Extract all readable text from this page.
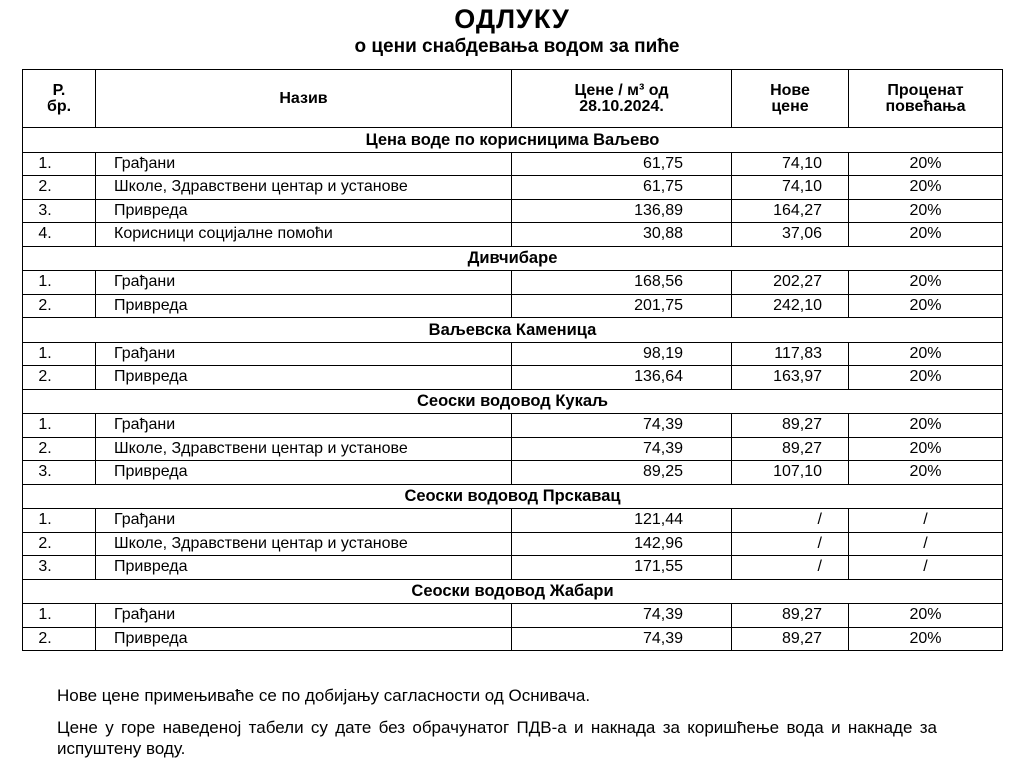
ОДЛУКУ
о цени снабдевања водом за пиће
Р. бр.	Назив	Цене / м³ од 28.10.2024.	Нове цене	Проценат повећања
Цена воде по корисницима Ваљево				
1.	Грађани	61,75	74,10	20%
2.	Школе, Здравствени центар и установе	61,75	74,10	20%
3.	Привреда	136,89	164,27	20%
4.	Корисници социјалне помоћи	30,88	37,06	20%
Дивчибаре				
1.	Грађани	168,56	202,27	20%
2.	Привреда	201,75	242,10	20%
Ваљевска Каменица				
1.	Грађани	98,19	117,83	20%
2.	Привреда	136,64	163,97	20%
Сеоски водовод Кукаљ				
1.	Грађани	74,39	89,27	20%
2.	Школе, Здравствени центар и установе	74,39	89,27	20%
3.	Привреда	89,25	107,10	20%
Сеоски водовод Прскавац				
1.	Грађани	121,44	/	/
2.	Школе, Здравствени центар и установе	142,96	/	/
3.	Привреда	171,55	/	/
Сеоски водовод Жабари				
1.	Грађани	74,39	89,27	20%
2.	Привреда	74,39	89,27	20%
Нове цене примењиваће се по добијању сагласности од Оснивача.
Цене у горе наведеној табели су дате без обрачунатог ПДВ-а и накнада за коришћење вода и накнаде за испуштену воду.
